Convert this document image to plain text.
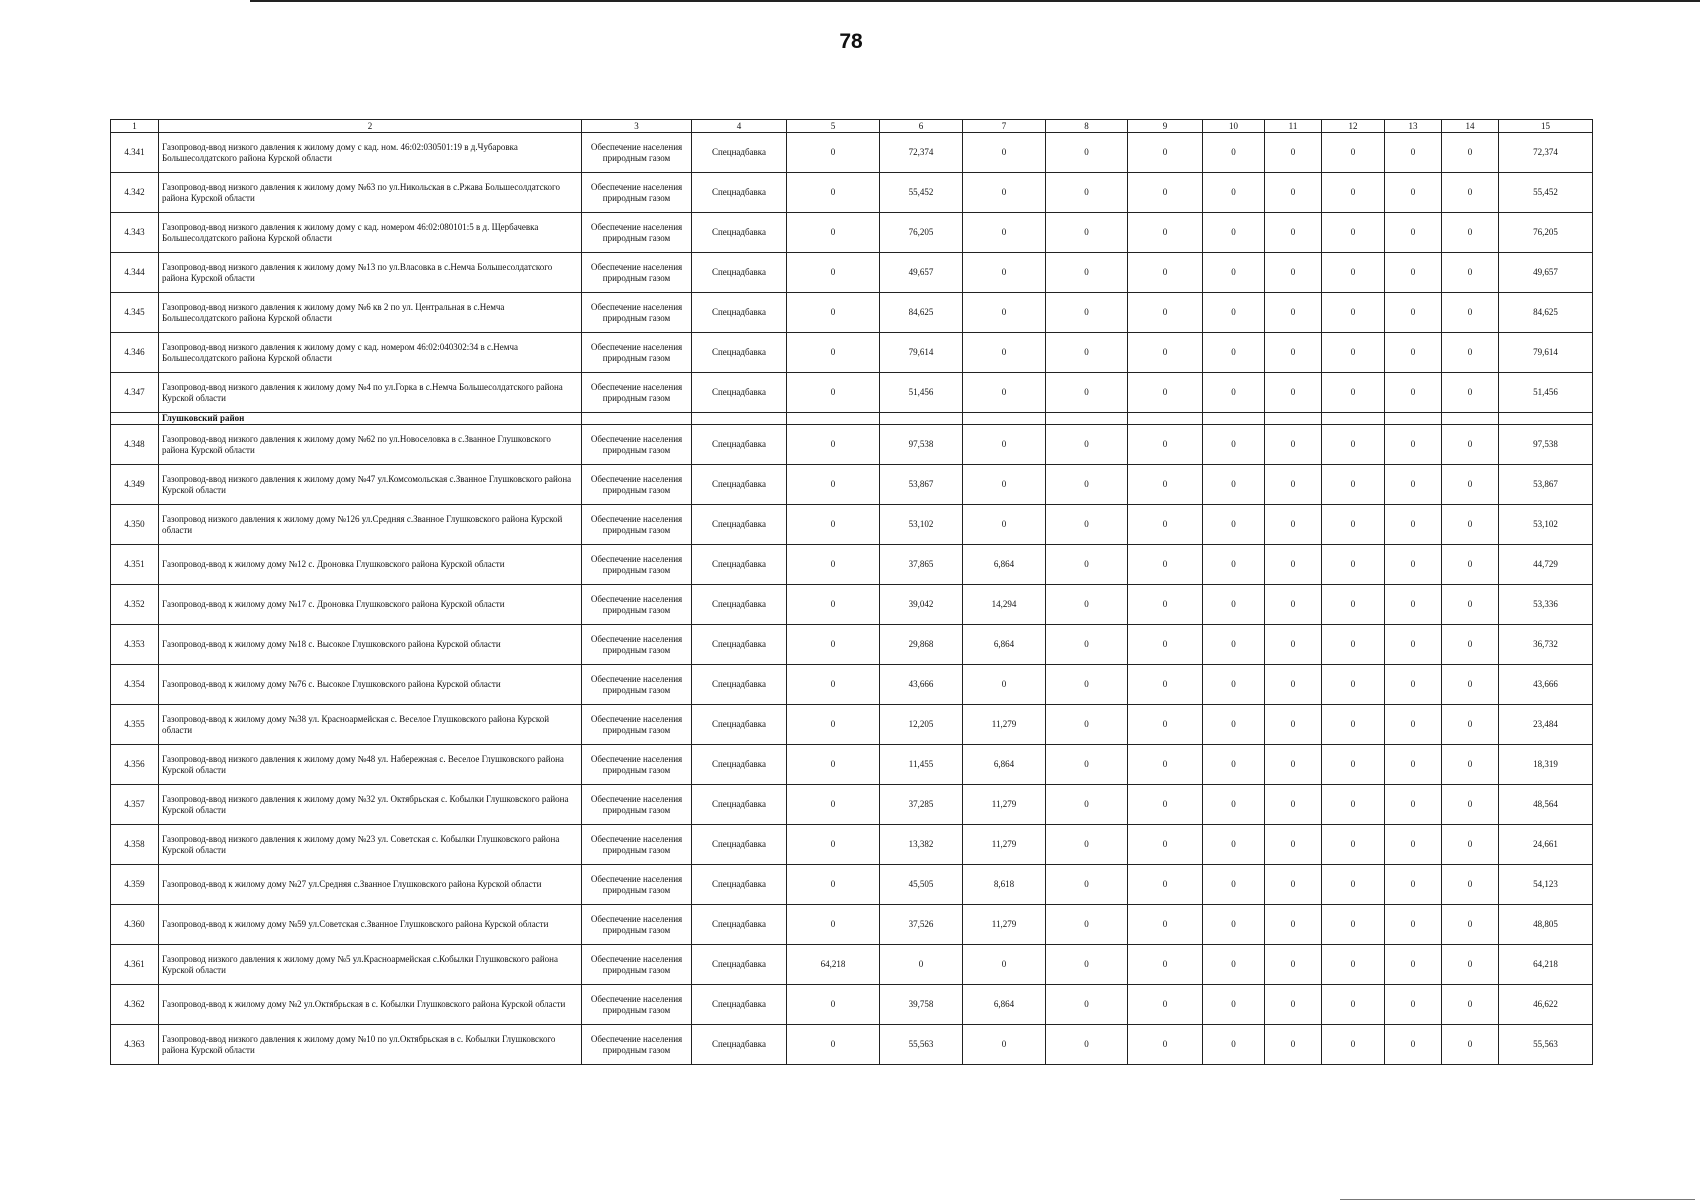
78
1	2	3	4	5	6	7	8	9	10	11	12	13	14	15
4.341	Газопровод-ввод низкого давления к жилому дому с кад. ном. 46:02:030501:19 в д.Чубаровка Большесолдатского района Курской области	Обеспечение населения природным газом	Спецнадбавка	0	72,374	0	0	0	0	0	0	0	0	72,374
4.342	Газопровод-ввод низкого давления к жилому дому №63 по ул.Никольская в с.Ржава Большесолдатского района Курской области	Обеспечение населения природным газом	Спецнадбавка	0	55,452	0	0	0	0	0	0	0	0	55,452
4.343	Газопровод-ввод низкого давления к жилому дому с кад. номером 46:02:080101:5 в д. Щербачевка Большесолдатского района Курской области	Обеспечение населения природным газом	Спецнадбавка	0	76,205	0	0	0	0	0	0	0	0	76,205
4.344	Газопровод-ввод низкого давления к жилому дому №13 по ул.Власовка в с.Немча Большесолдатского района Курской области	Обеспечение населения природным газом	Спецнадбавка	0	49,657	0	0	0	0	0	0	0	0	49,657
4.345	Газопровод-ввод низкого давления к жилому дому №6 кв 2 по ул. Центральная в с.Немча Большесолдатского района Курской области	Обеспечение населения природным газом	Спецнадбавка	0	84,625	0	0	0	0	0	0	0	0	84,625
4.346	Газопровод-ввод низкого давления к жилому дому с кад. номером 46:02:040302:34 в с.Немча Большесолдатского района Курской области	Обеспечение населения природным газом	Спецнадбавка	0	79,614	0	0	0	0	0	0	0	0	79,614
4.347	Газопровод-ввод низкого давления к жилому дому №4 по ул.Горка в с.Немча Большесолдатского района Курской области	Обеспечение населения природным газом	Спецнадбавка	0	51,456	0	0	0	0	0	0	0	0	51,456
	Глушковский район													
4.348	Газопровод-ввод низкого давления к жилому дому №62 по ул.Новоселовка в с.Званное Глушковского района Курской области	Обеспечение населения природным газом	Спецнадбавка	0	97,538	0	0	0	0	0	0	0	0	97,538
4.349	Газопровод-ввод низкого давления к жилому дому №47 ул.Комсомольская с.Званное Глушковского района Курской области	Обеспечение населения природным газом	Спецнадбавка	0	53,867	0	0	0	0	0	0	0	0	53,867
4.350	Газопровод низкого давления к жилому дому №126 ул.Средняя с.Званное Глушковского района Курской области	Обеспечение населения природным газом	Спецнадбавка	0	53,102	0	0	0	0	0	0	0	0	53,102
4.351	Газопровод-ввод к жилому дому №12 с. Дроновка Глушковского района Курской области	Обеспечение населения природным газом	Спецнадбавка	0	37,865	6,864	0	0	0	0	0	0	0	44,729
4.352	Газопровод-ввод к жилому дому №17 с. Дроновка Глушковского района Курской области	Обеспечение населения природным газом	Спецнадбавка	0	39,042	14,294	0	0	0	0	0	0	0	53,336
4.353	Газопровод-ввод к жилому дому №18 с. Высокое Глушковского района Курской области	Обеспечение населения природным газом	Спецнадбавка	0	29,868	6,864	0	0	0	0	0	0	0	36,732
4.354	Газопровод-ввод к жилому дому №76 с. Высокое Глушковского района Курской области	Обеспечение населения природным газом	Спецнадбавка	0	43,666	0	0	0	0	0	0	0	0	43,666
4.355	Газопровод-ввод к жилому дому №38 ул. Красноармейская с. Веселое Глушковского района Курской области	Обеспечение населения природным газом	Спецнадбавка	0	12,205	11,279	0	0	0	0	0	0	0	23,484
4.356	Газопровод-ввод низкого давления к жилому дому №48 ул. Набережная с. Веселое Глушковского района Курской области	Обеспечение населения природным газом	Спецнадбавка	0	11,455	6,864	0	0	0	0	0	0	0	18,319
4.357	Газопровод-ввод низкого давления к жилому дому №32 ул. Октябрьская с. Кобылки Глушковского района Курской области	Обеспечение населения природным газом	Спецнадбавка	0	37,285	11,279	0	0	0	0	0	0	0	48,564
4.358	Газопровод-ввод низкого давления к жилому дому №23 ул. Советская с. Кобылки Глушковского района Курской области	Обеспечение населения природным газом	Спецнадбавка	0	13,382	11,279	0	0	0	0	0	0	0	24,661
4.359	Газопровод-ввод к жилому дому №27 ул.Средняя с.Званное Глушковского района Курской области	Обеспечение населения природным газом	Спецнадбавка	0	45,505	8,618	0	0	0	0	0	0	0	54,123
4.360	Газопровод-ввод к жилому дому №59 ул.Советская с.Званное Глушковского района Курской области	Обеспечение населения природным газом	Спецнадбавка	0	37,526	11,279	0	0	0	0	0	0	0	48,805
4.361	Газопровод низкого давления к жилому дому №5 ул.Красноармейская с.Кобылки Глушковского района Курской области	Обеспечение населения природным газом	Спецнадбавка	64,218	0	0	0	0	0	0	0	0	0	64,218
4.362	Газопровод-ввод к жилому дому №2 ул.Октябрьская в с. Кобылки Глушковского района Курской области	Обеспечение населения природным газом	Спецнадбавка	0	39,758	6,864	0	0	0	0	0	0	0	46,622
4.363	Газопровод-ввод низкого давления к жилому дому №10 по ул.Октябрьская в с. Кобылки Глушковского района Курской области	Обеспечение населения природным газом	Спецнадбавка	0	55,563	0	0	0	0	0	0	0	0	55,563
